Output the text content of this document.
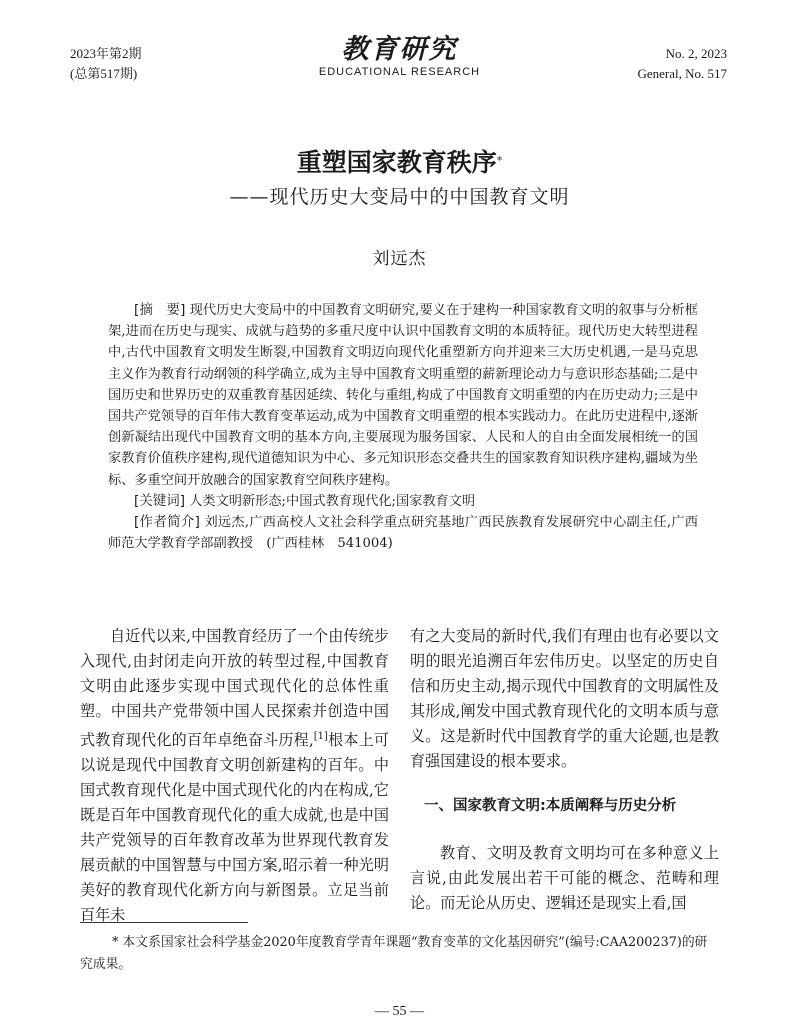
2023年第2期
(总第517期)
教育研究
EDUCATIONAL RESEARCH
No. 2, 2023
General, No. 517
重塑国家教育秩序*
——现代历史大变局中的中国教育文明
刘远杰

[摘　要] 现代历史大变局中的中国教育文明研究,要义在于建构一种国家教育文明的叙事与分析框架,进而在历史与现实、成就与趋势的多重尺度中认识中国教育文明的本质特征。现代历史大转型进程中,古代中国教育文明发生断裂,中国教育文明迈向现代化重塑新方向并迎来三大历史机遇,一是马克思主义作为教育行动纲领的科学确立,成为主导中国教育文明重塑的薪新理论动力与意识形态基础;二是中国历史和世界历史的双重教育基因延续、转化与重组,构成了中国教育文明重塑的内在历史动力;三是中国共产党领导的百年伟大教育变革运动,成为中国教育文明重塑的根本实践动力。在此历史进程中,逐渐创新凝结出现代中国教育文明的基本方向,主要展现为服务国家、人民和人的自由全面发展相统一的国家教育价值秩序建构,现代道德知识为中心、多元知识形态交叠共生的国家教育知识秩序建构,疆域为坐标、多重空间开放融合的国家教育空间秩序建构。

[关键词] 人类文明新形态;中国式教育现代化;国家教育文明

[作者简介] 刘远杰,广西高校人文社会科学重点研究基地广西民族教育发展研究中心副主任,广西师范大学教育学部副教授　(广西桂林　541004)

自近代以来,中国教育经历了一个由传统步入现代,由封闭走向开放的转型过程,中国教育文明由此逐步实现中国式现代化的总体性重塑。中国共产党带领中国人民探索并创造中国式教育现代化的百年卓绝奋斗历程,[1]根本上可以说是现代中国教育文明创新建构的百年。中国式教育现代化是中国式现代化的内在构成,它既是百年中国教育现代化的重大成就,也是中国共产党领导的百年教育改革为世界现代教育发展贡献的中国智慧与中国方案,昭示着一种光明美好的教育现代化新方向与新图景。立足当前百年未

有之大变局的新时代,我们有理由也有必要以文明的眼光追溯百年宏伟历史。以坚定的历史自信和历史主动,揭示现代中国教育的文明属性及其形成,阐发中国式教育现代化的文明本质与意义。这是新时代中国教育学的重大论题,也是教育强国建设的根本要求。

一、国家教育文明:本质阐释与历史分析

教育、文明及教育文明均可在多种意义上言说,由此发展出若干可能的概念、范畴和理论。而无论从历史、逻辑还是现实上看,国

* 本文系国家社会科学基金2020年度教育学青年课题“教育变革的文化基因研究”(编号:CAA200237)的研究成果。

— 55 —
